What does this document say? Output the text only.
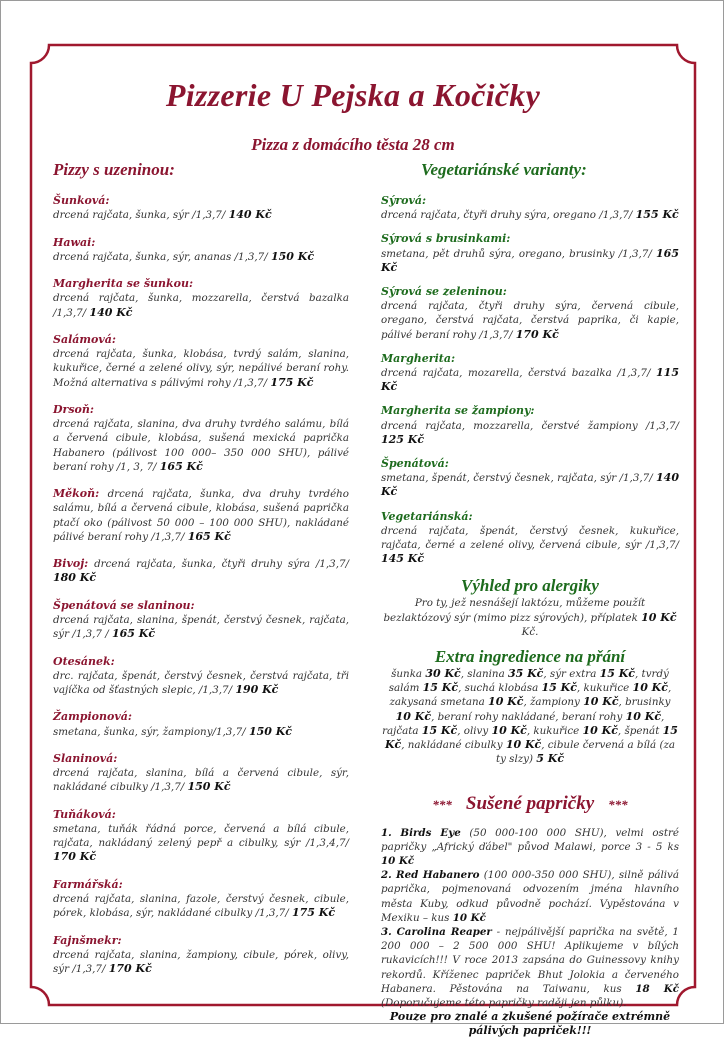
Pizzerie U Pejska a Kočičky
Pizza z domácího těsta 28 cm
Pizzy s uzeninou:
Šunková:
drcená rajčata, šunka, sýr /1,3,7/ 140 Kč
Hawai:
drcená rajčata, šunka, sýr, ananas /1,3,7/ 150 Kč
Margherita se šunkou:
drcená rajčata, šunka, mozzarella, čerstvá bazalka /1,3,7/ 140 Kč
Salámová:
drcená rajčata, šunka, klobása, tvrdý salám, slanina, kukuřice, černé a zelené olivy, sýr, nepálivé beraní rohy. Možná alternativa s pálivými rohy /1,3,7/ 175 Kč
Drsoň:
drcená rajčata, slanina, dva druhy tvrdého salámu, bílá a červená cibule, klobása, sušená mexická paprička Habanero (pálivost 100 000– 350 000 SHU), pálivé beraní rohy /1, 3, 7/ 165 Kč
Měkoň: drcená rajčata, šunka, dva druhy tvrdého salámu, bílá a červená cibule, klobása, sušená paprička ptačí oko (pálivost 50 000 – 100 000 SHU), nakládané pálivé beraní rohy /1,3,7/ 165 Kč
Bivoj: drcená rajčata, šunka, čtyři druhy sýra /1,3,7/ 180 Kč
Špenátová se slaninou:
drcená rajčata, slanina, špenát, čerstvý česnek, rajčata, sýr /1,3,7 / 165 Kč
Otesánek:
drc. rajčata, špenát, čerstvý česnek, čerstvá rajčata, tři vajíčka od šťastných slepic, /1,3,7/ 190 Kč
Žampionová:
smetana, šunka, sýr, žampiony/1,3,7/ 150 Kč
Slaninová:
drcená rajčata, slanina, bílá a červená cibule, sýr, nakládané cibulky /1,3,7/ 150 Kč
Tuňáková:
smetana, tuňák řádná porce, červená a bílá cibule, rajčata, nakládaný zelený pepř a cibulky, sýr /1,3,4,7/ 170 Kč
Farmářská:
drcená rajčata, slanina, fazole, čerstvý česnek, cibule, pórek, klobása, sýr, nakládané cibulky /1,3,7/ 175 Kč
Fajnšmekr:
drcená rajčata, slanina, žampiony, cibule, pórek, olivy, sýr /1,3,7/ 170 Kč
Vegetariánské varianty:
Sýrová:
drcená rajčata, čtyři druhy sýra, oregano /1,3,7/ 155 Kč
Sýrová s brusinkami:
smetana, pět druhů sýra, oregano, brusinky /1,3,7/ 165 Kč
Sýrová se zeleninou:
drcená rajčata, čtyři druhy sýra, červená cibule, oregano, čerstvá rajčata, čerstvá paprika, či kapie, pálivé beraní rohy /1,3,7/ 170 Kč
Margherita:
drcená rajčata, mozarella, čerstvá bazalka /1,3,7/ 115 Kč
Margherita se žampiony:
drcená rajčata, mozzarella, čerstvé žampiony /1,3,7/ 125 Kč
Špenátová:
smetana, špenát, čerstvý česnek, rajčata, sýr /1,3,7/ 140 Kč
Vegetariánská:
drcená rajčata, špenát, čerstvý česnek, kukuřice, rajčata, černé a zelené olivy, červená cibule, sýr /1,3,7/ 145 Kč
Výhled pro alergiky
Pro ty, jež nesnášejí laktózu, můžeme použít bezlaktózový sýr (mimo pizz sýrových), příplatek 10 Kč Kč.
Extra ingredience na přání
šunka 30 Kč, slanina 35 Kč, sýr extra 15 Kč, tvrdý salám 15 Kč, suchá klobása 15 Kč, kukuřice 10 Kč, zakysaná smetana 10 Kč, žampiony 10 Kč, brusinky 10 Kč, beraní rohy nakládané, beraní rohy 10 Kč, rajčata 15 Kč, olivy 10 Kč, kukuřice 10 Kč, špenát 15 Kč, nakládané cibulky 10 Kč, cibule červená a bílá (za ty slzy) 5 Kč
*** Sušené papričky ***
1. Birds Eye (50 000-100 000 SHU), velmi ostré papričky „Africký ďábel" původ Malawi, porce 3 - 5 ks 10 Kč
2. Red Habanero (100 000-350 000 SHU), silně pálivá paprička, pojmenovaná odvozením jména hlavního města Kuby, odkud původně pochází. Vypěstována v Mexiku – kus 10 Kč
3. Carolina Reaper - nejpálivější paprička na světě, 1 200 000 – 2 500 000 SHU! Aplikujeme v bílých rukavicích!!! V roce 2013 zapsána do Guinessovy knihy rekordů. Kříženec papriček Bhut Jolokia a červeného Habanera. Pěstována na Taiwanu, kus 18 Kč (Doporučujeme této papričky raději jen půlku).
Pouze pro znalé a zkušené požírače extrémně pálivých papriček!!!
